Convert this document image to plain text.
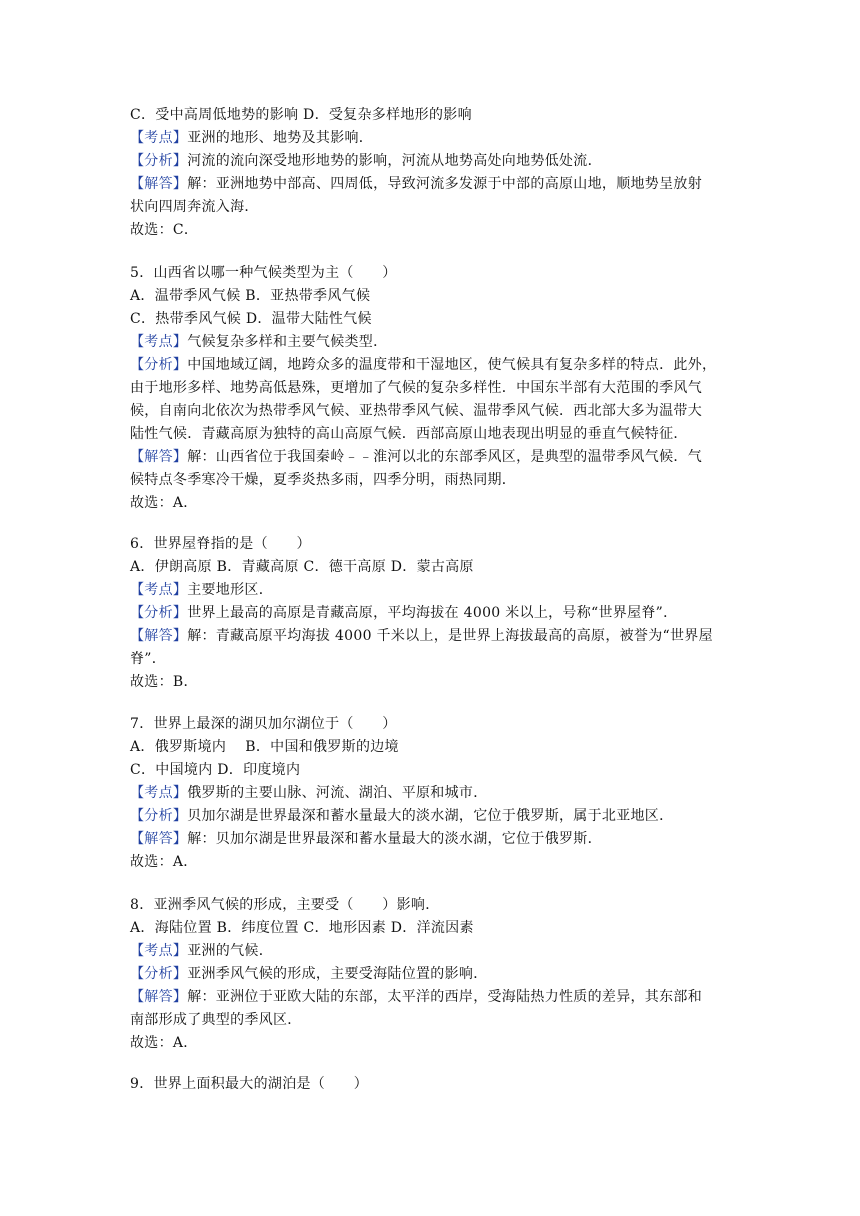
C．受中高周低地势的影响 D．受复杂多样地形的影响
【考点】亚洲的地形、地势及其影响．
【分析】河流的流向深受地形地势的影响，河流从地势高处向地势低处流．
【解答】解：亚洲地势中部高、四周低，导致河流多发源于中部的高原山地，顺地势呈放射
状向四周奔流入海．
故选：C．
5．山西省以哪一种气候类型为主（　　）
A．温带季风气候 B．亚热带季风气候
C．热带季风气候 D．温带大陆性气候
【考点】气候复杂多样和主要气候类型．
【分析】中国地域辽阔，地跨众多的温度带和干湿地区，使气候具有复杂多样的特点．此外，
由于地形多样、地势高低悬殊，更增加了气候的复杂多样性．中国东半部有大范围的季风气
候，自南向北依次为热带季风气候、亚热带季风气候、温带季风气候．西北部大多为温带大
陆性气候．青藏高原为独特的高山高原气候．西部高原山地表现出明显的垂直气候特征．
【解答】解：山西省位于我国秦岭﹣﹣淮河以北的东部季风区，是典型的温带季风气候．气
候特点冬季寒冷干燥，夏季炎热多雨，四季分明，雨热同期．
故选：A．
6．世界屋脊指的是（　　）
A．伊朗高原 B．青藏高原 C．德干高原 D．蒙古高原
【考点】主要地形区．
【分析】世界上最高的高原是青藏高原，平均海拔在 4000 米以上，号称“世界屋脊”．
【解答】解：青藏高原平均海拔 4000 千米以上，是世界上海拔最高的高原，被誉为“世界屋
脊”．
故选：B．
7．世界上最深的湖贝加尔湖位于（　　）
A．俄罗斯境内　 B．中国和俄罗斯的边境
C．中国境内 D．印度境内
【考点】俄罗斯的主要山脉、河流、湖泊、平原和城市．
【分析】贝加尔湖是世界最深和蓄水量最大的淡水湖，它位于俄罗斯，属于北亚地区．
【解答】解：贝加尔湖是世界最深和蓄水量最大的淡水湖，它位于俄罗斯．
故选：A．
8．亚洲季风气候的形成，主要受（　　）影响．
A．海陆位置 B．纬度位置 C．地形因素 D．洋流因素
【考点】亚洲的气候．
【分析】亚洲季风气候的形成，主要受海陆位置的影响．
【解答】解：亚洲位于亚欧大陆的东部，太平洋的西岸，受海陆热力性质的差异，其东部和
南部形成了典型的季风区．
故选：A．
9．世界上面积最大的湖泊是（　　）
